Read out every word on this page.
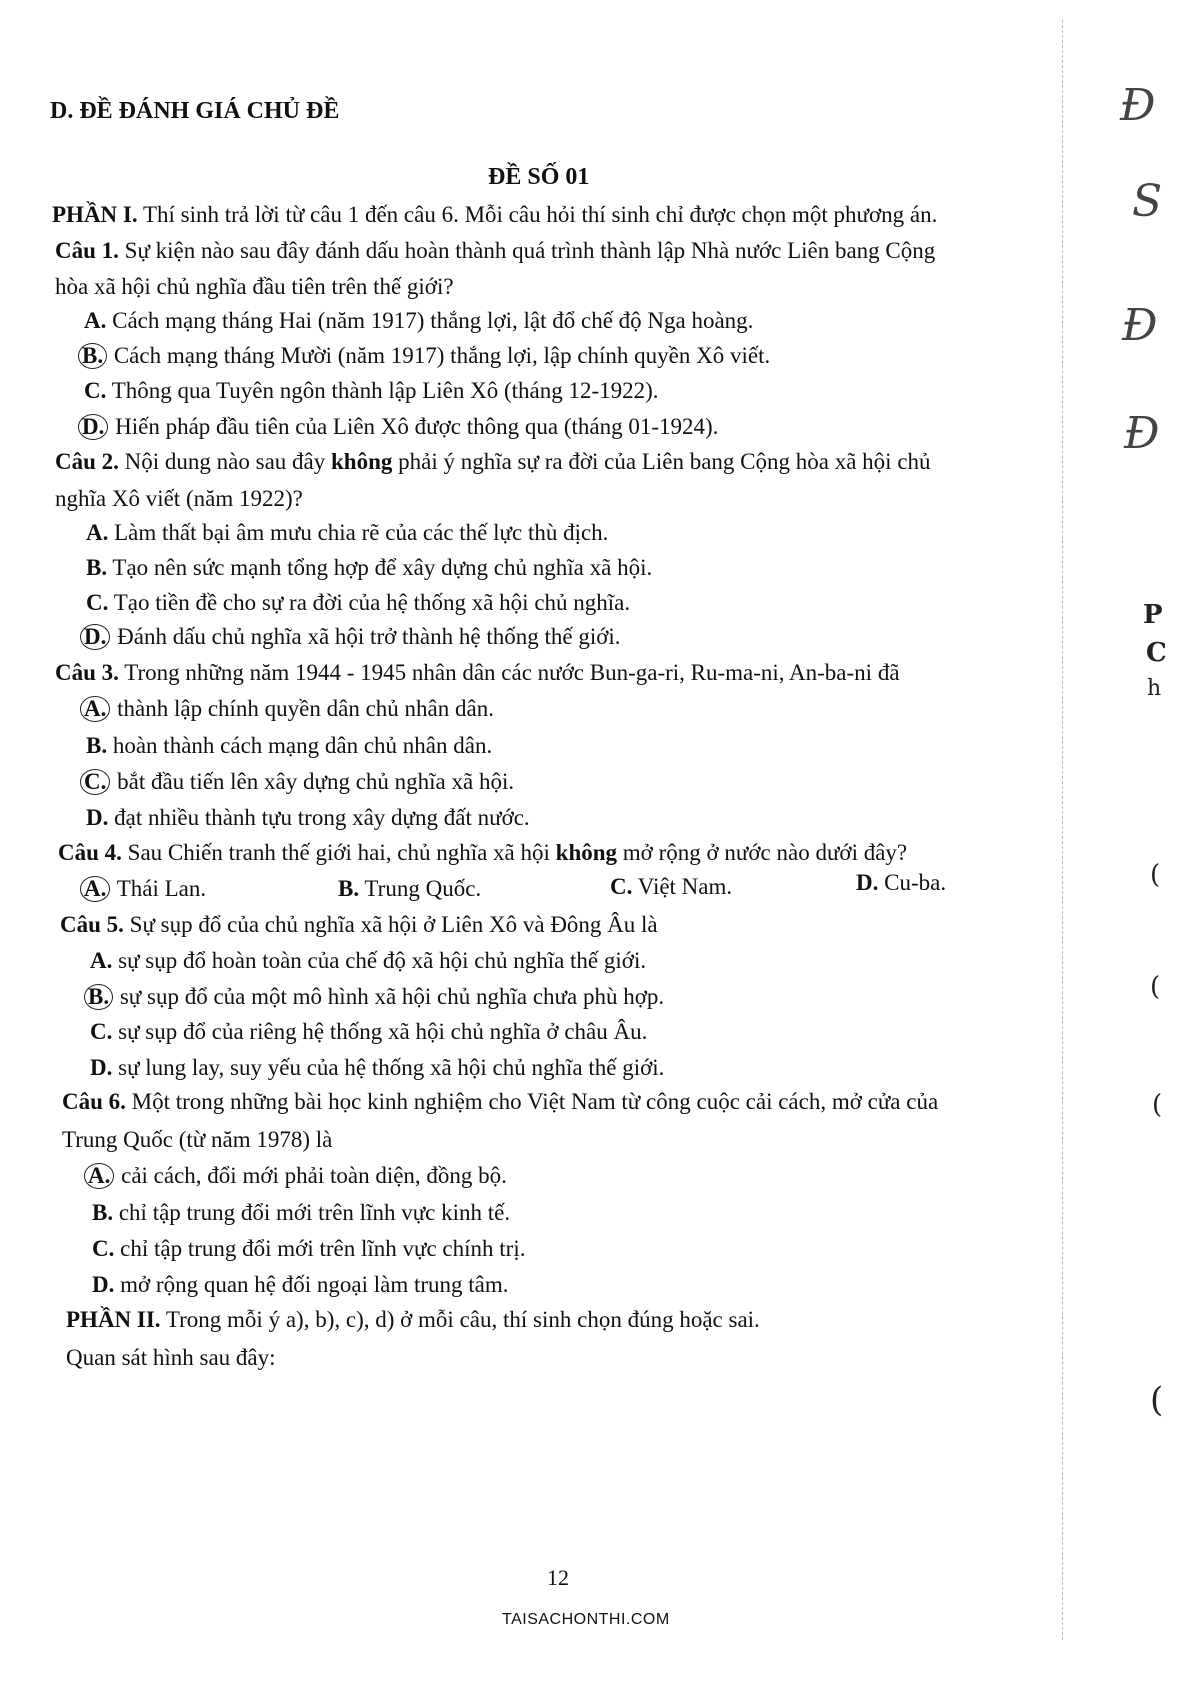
D. ĐỀ ĐÁNH GIÁ CHỦ ĐỀ
ĐỀ SỐ 01
PHẦN I. Thí sinh trả lời từ câu 1 đến câu 6. Mỗi câu hỏi thí sinh chỉ được chọn một phương án.
Câu 1. Sự kiện nào sau đây đánh dấu hoàn thành quá trình thành lập Nhà nước Liên bang Cộng
hòa xã hội chủ nghĩa đầu tiên trên thế giới?
A. Cách mạng tháng Hai (năm 1917) thắng lợi, lật đổ chế độ Nga hoàng.
B. Cách mạng tháng Mười (năm 1917) thắng lợi, lập chính quyền Xô viết.
C. Thông qua Tuyên ngôn thành lập Liên Xô (tháng 12-1922).
D. Hiến pháp đầu tiên của Liên Xô được thông qua (tháng 01-1924).
Câu 2. Nội dung nào sau đây không phải ý nghĩa sự ra đời của Liên bang Cộng hòa xã hội chủ
nghĩa Xô viết (năm 1922)?
A. Làm thất bại âm mưu chia rẽ của các thế lực thù địch.
B. Tạo nên sức mạnh tổng hợp để xây dựng chủ nghĩa xã hội.
C. Tạo tiền đề cho sự ra đời của hệ thống xã hội chủ nghĩa.
D. Đánh dấu chủ nghĩa xã hội trở thành hệ thống thế giới.
Câu 3. Trong những năm 1944 - 1945 nhân dân các nước Bun-ga-ri, Ru-ma-ni, An-ba-ni đã
A. thành lập chính quyền dân chủ nhân dân.
B. hoàn thành cách mạng dân chủ nhân dân.
C. bắt đầu tiến lên xây dựng chủ nghĩa xã hội.
D. đạt nhiều thành tựu trong xây dựng đất nước.
Câu 4. Sau Chiến tranh thế giới hai, chủ nghĩa xã hội không mở rộng ở nước nào dưới đây?
A. Thái Lan.	B. Trung Quốc.	C. Việt Nam.	D. Cu-ba.
Câu 5. Sự sụp đổ của chủ nghĩa xã hội ở Liên Xô và Đông Âu là
A. sự sụp đổ hoàn toàn của chế độ xã hội chủ nghĩa thế giới.
B. sự sụp đổ của một mô hình xã hội chủ nghĩa chưa phù hợp.
C. sự sụp đổ của riêng hệ thống xã hội chủ nghĩa ở châu Âu.
D. sự lung lay, suy yếu của hệ thống xã hội chủ nghĩa thế giới.
Câu 6. Một trong những bài học kinh nghiệm cho Việt Nam từ công cuộc cải cách, mở cửa của
Trung Quốc (từ năm 1978) là
A. cải cách, đổi mới phải toàn diện, đồng bộ.
B. chỉ tập trung đổi mới trên lĩnh vực kinh tế.
C. chỉ tập trung đổi mới trên lĩnh vực chính trị.
D. mở rộng quan hệ đối ngoại làm trung tâm.
PHẦN II. Trong mỗi ý a), b), c), d) ở mỗi câu, thí sinh chọn đúng hoặc sai.
Quan sát hình sau đây:
P
C
h
(
(
(
(
Đ
S
Đ
Đ
12
TAISACHONTHI.COM
